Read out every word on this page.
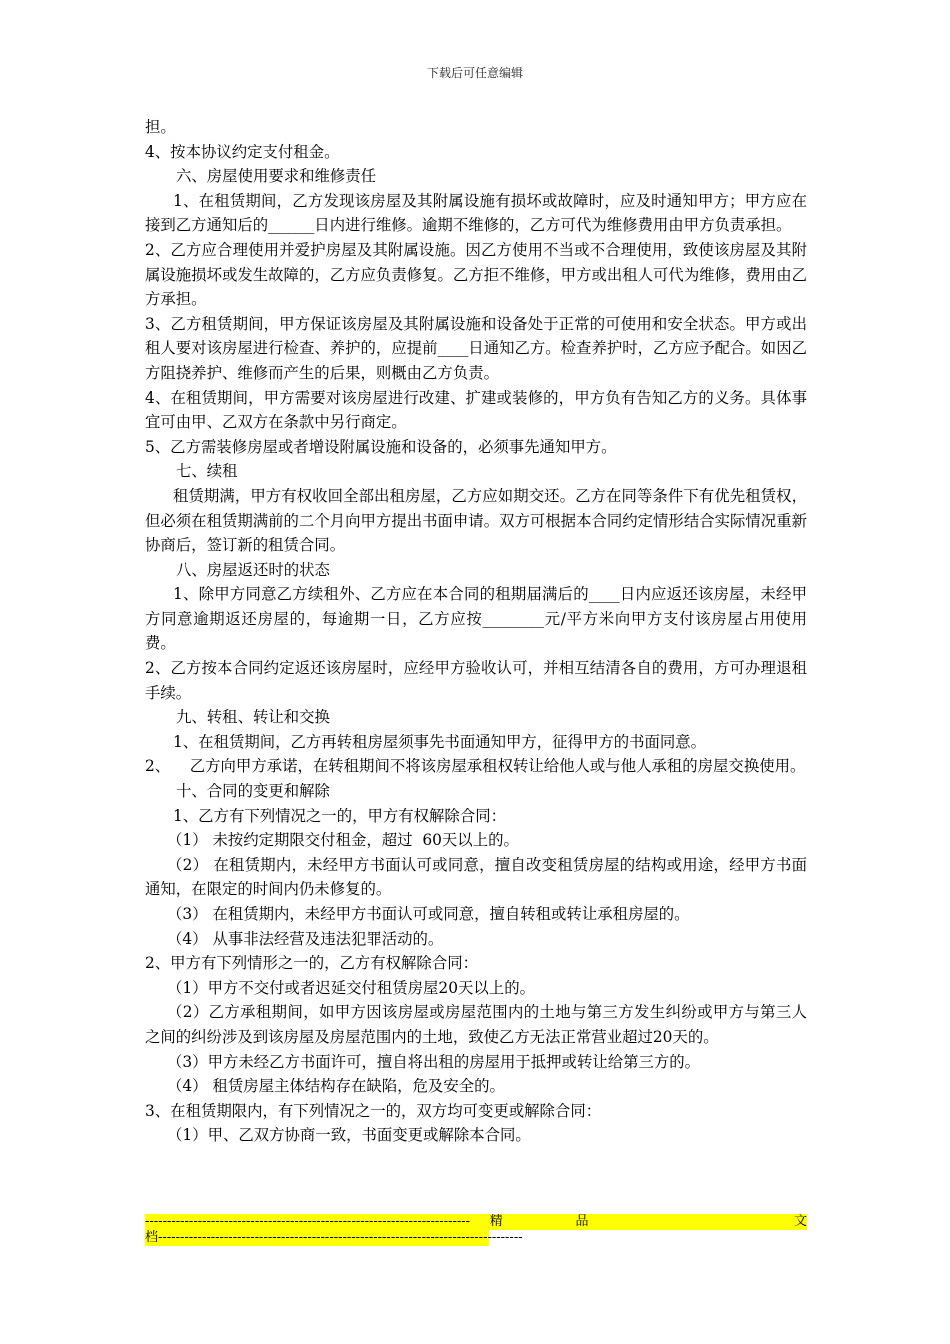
下载后可任意编辑

担。

4、按本协议约定支付租金。

六、房屋使用要求和维修责任

1、在租赁期间，乙方发现该房屋及其附属设施有损坏或故障时，应及时通知甲方；甲方应在接到乙方通知后的______日内进行维修。逾期不维修的，乙方可代为维修费用由甲方负责承担。

2、乙方应合理使用并爱护房屋及其附属设施。因乙方使用不当或不合理使用，致使该房屋及其附属设施损坏或发生故障的，乙方应负责修复。乙方拒不维修，甲方或出租人可代为维修，费用由乙方承担。

3、乙方租赁期间，甲方保证该房屋及其附属设施和设备处于正常的可使用和安全状态。甲方或出租人要对该房屋进行检查、养护的，应提前____日通知乙方。检查养护时，乙方应予配合。如因乙方阻挠养护、维修而产生的后果，则概由乙方负责。

4、在租赁期间，甲方需要对该房屋进行改建、扩建或装修的，甲方负有告知乙方的义务。具体事宜可由甲、乙双方在条款中另行商定。

5、乙方需装修房屋或者增设附属设施和设备的，必须事先通知甲方。

七、续租

租赁期满，甲方有权收回全部出租房屋，乙方应如期交还。乙方在同等条件下有优先租赁权，但必须在租赁期满前的二个月向甲方提出书面申请。双方可根据本合同约定情形结合实际情况重新协商后，签订新的租赁合同。

八、房屋返还时的状态

1、除甲方同意乙方续租外、乙方应在本合同的租期届满后的____日内应返还该房屋，未经甲方同意逾期返还房屋的，每逾期一日，乙方应按________元/平方米向甲方支付该房屋占用使用费。

2、乙方按本合同约定返还该房屋时，应经甲方验收认可，并相互结清各自的费用，方可办理退租手续。

九、转租、转让和交换

1、在租赁期间，乙方再转租房屋须事先书面通知甲方，征得甲方的书面同意。

2、    乙方向甲方承诺，在转租期间不将该房屋承租权转让给他人或与他人承租的房屋交换使用。

十、合同的变更和解除

1、乙方有下列情况之一的，甲方有权解除合同：

（1） 未按约定期限交付租金，超过  60天以上的。

（2） 在租赁期内，未经甲方书面认可或同意，擅自改变租赁房屋的结构或用途，经甲方书面通知，在限定的时间内仍未修复的。

（3） 在租赁期内，未经甲方书面认可或同意，擅自转租或转让承租房屋的。

（4） 从事非法经营及违法犯罪活动的。

2、甲方有下列情形之一的，乙方有权解除合同：

（1）甲方不交付或者迟延交付租赁房屋20天以上的。

（2）乙方承租期间，如甲方因该房屋或房屋范围内的土地与第三方发生纠纷或甲方与第三人之间的纠纷涉及到该房屋及房屋范围内的土地，致使乙方无法正常营业超过20天的。

（3）甲方未经乙方书面许可，擅自将出租的房屋用于抵押或转让给第三方的。

（4） 租赁房屋主体结构存在缺陷，危及安全的。

3、在租赁期限内，有下列情况之一的，双方均可变更或解除合同：

（1）甲、乙双方协商一致，书面变更或解除本合同。

-------------------------------------------------------------------------- 精	品	文
档-----------------------------------------------------------------------------------
